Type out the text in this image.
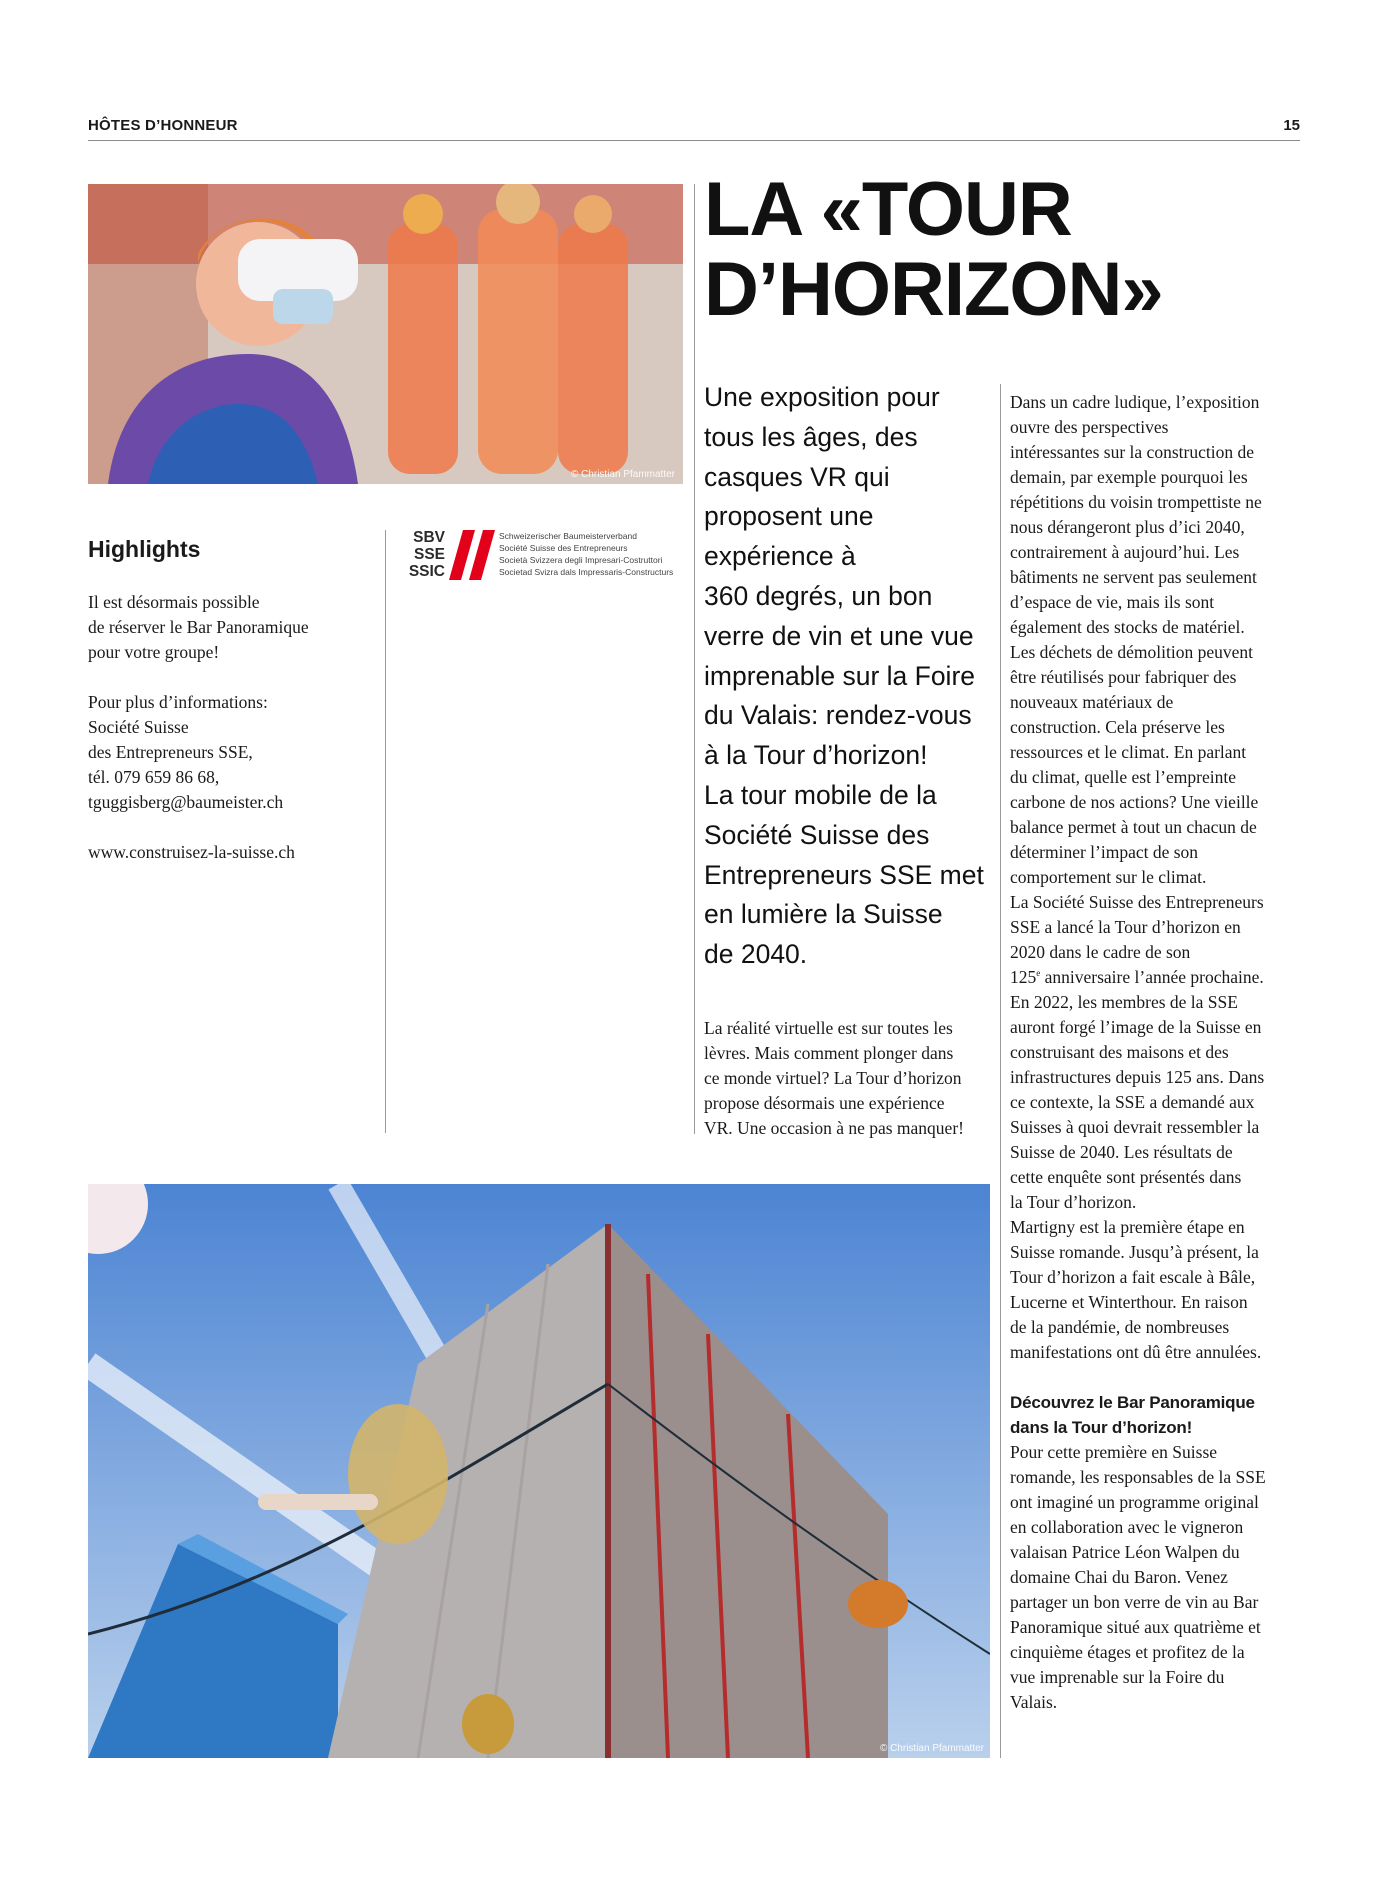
HÔTES D’HONNEUR	15
© Christian Pfammatter
Highlights
Il est désormais possible
de réserver le Bar Panoramique
pour votre groupe!
Pour plus d’informations:
Société Suisse
des Entrepreneurs SSE,
tél. 079 659 86 68,
tguggisberg@baumeister.ch
www.construisez-la-suisse.ch
SBV
SSE
SSIC
Schweizerischer Baumeisterverband
Société Suisse des Entrepreneurs
Società Svizzera degli Impresari-Costruttori
Societad Svizra dals Impressaris-Constructurs
LA «TOUR
D’HORIZON»
Une exposition pour
tous les âges, des
casques VR qui
proposent une
expérience à
360 degrés, un bon
verre de vin et une vue
imprenable sur la Foire
du Valais: rendez-vous
à la Tour d’horizon!
La tour mobile de la
Société Suisse des
Entrepreneurs SSE met
en lumière la Suisse
de 2040.
La réalité virtuelle est sur toutes les
lèvres. Mais comment plonger dans
ce monde virtuel? La Tour d’horizon
propose désormais une expérience
VR. Une occasion à ne pas manquer!
Dans un cadre ludique, l’exposition
ouvre des perspectives
intéressantes sur la construction de
demain, par exemple pourquoi les
répétitions du voisin trompettiste ne
nous dérangeront plus d’ici 2040,
contrairement à aujourd’hui. Les
bâtiments ne servent pas seulement
d’espace de vie, mais ils sont
également des stocks de matériel.
Les déchets de démolition peuvent
être réutilisés pour fabriquer des
nouveaux matériaux de
construction. Cela préserve les
ressources et le climat. En parlant
du climat, quelle est l’empreinte
carbone de nos actions? Une vieille
balance permet à tout un chacun de
déterminer l’impact de son
comportement sur le climat.
La Société Suisse des Entrepreneurs
SSE a lancé la Tour d’horizon en
2020 dans le cadre de son
125e anniversaire l’année prochaine.
En 2022, les membres de la SSE
auront forgé l’image de la Suisse en
construisant des maisons et des
infrastructures depuis 125 ans. Dans
ce contexte, la SSE a demandé aux
Suisses à quoi devrait ressembler la
Suisse de 2040. Les résultats de
cette enquête sont présentés dans
la Tour d’horizon.
Martigny est la première étape en
Suisse romande. Jusqu’à présent, la
Tour d’horizon a fait escale à Bâle,
Lucerne et Winterthour. En raison
de la pandémie, de nombreuses
manifestations ont dû être annulées.
Découvrez le Bar Panoramique
dans la Tour d’horizon!
Pour cette première en Suisse
romande, les responsables de la SSE
ont imaginé un programme original
en collaboration avec le vigneron
valaisan Patrice Léon Walpen du
domaine Chai du Baron. Venez
partager un bon verre de vin au Bar
Panoramique situé aux quatrième et
cinquième étages et profitez de la
vue imprenable sur la Foire du
Valais.
© Christian Pfammatter
